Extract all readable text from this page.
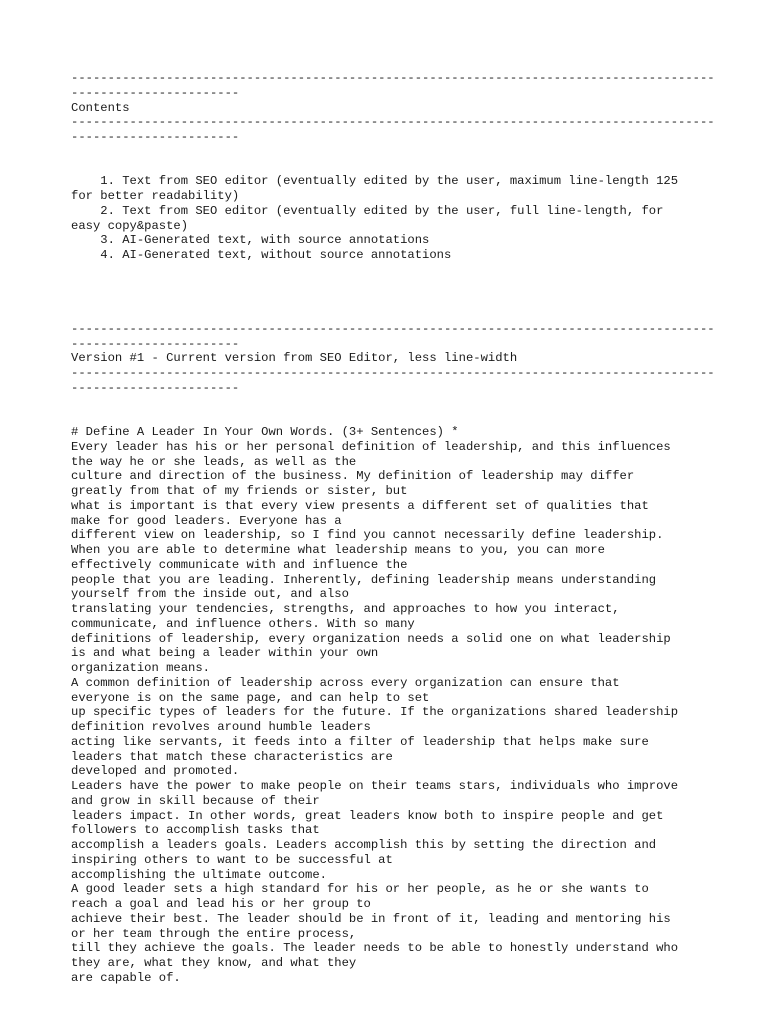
----------------------------------------------------------------------------------------
-----------------------
Contents
----------------------------------------------------------------------------------------
-----------------------
1. Text from SEO editor (eventually edited by the user, maximum line-length 125
for better readability)
2. Text from SEO editor (eventually edited by the user, full line-length, for
easy copy&paste)
3. AI-Generated text, with source annotations
4. AI-Generated text, without source annotations
----------------------------------------------------------------------------------------
-----------------------
Version #1 - Current version from SEO Editor, less line-width
----------------------------------------------------------------------------------------
-----------------------
# Define A Leader In Your Own Words. (3+ Sentences) *
Every leader has his or her personal definition of leadership, and this influences
the way he or she leads, as well as the
culture and direction of the business. My definition of leadership may differ
greatly from that of my friends or sister, but
what is important is that every view presents a different set of qualities that
make for good leaders. Everyone has a
different view on leadership, so I find you cannot necessarily define leadership.
When you are able to determine what leadership means to you, you can more
effectively communicate with and influence the
people that you are leading. Inherently, defining leadership means understanding
yourself from the inside out, and also
translating your tendencies, strengths, and approaches to how you interact,
communicate, and influence others. With so many
definitions of leadership, every organization needs a solid one on what leadership
is and what being a leader within your own
organization means.
A common definition of leadership across every organization can ensure that
everyone is on the same page, and can help to set
up specific types of leaders for the future. If the organizations shared leadership
definition revolves around humble leaders
acting like servants, it feeds into a filter of leadership that helps make sure
leaders that match these characteristics are
developed and promoted.
Leaders have the power to make people on their teams stars, individuals who improve
and grow in skill because of their
leaders impact. In other words, great leaders know both to inspire people and get
followers to accomplish tasks that
accomplish a leaders goals. Leaders accomplish this by setting the direction and
inspiring others to want to be successful at
accomplishing the ultimate outcome.
A good leader sets a high standard for his or her people, as he or she wants to
reach a goal and lead his or her group to
achieve their best. The leader should be in front of it, leading and mentoring his
or her team through the entire process,
till they achieve the goals. The leader needs to be able to honestly understand who
they are, what they know, and what they
are capable of.
